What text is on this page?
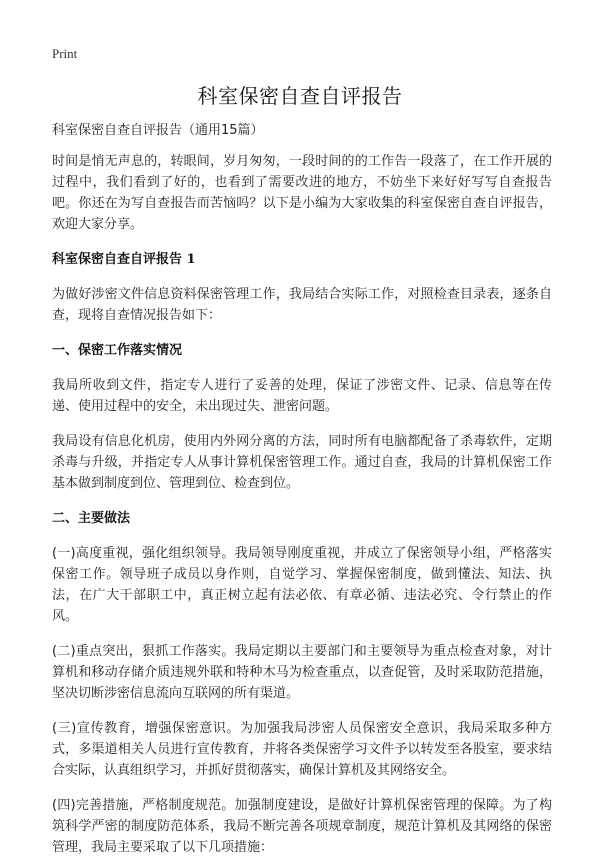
Print
科室保密自查自评报告

科室保密自查自评报告（通用15篇）

时间是悄无声息的，转眼间，岁月匆匆，一段时间的的工作告一段落了，在工作开展的过程中，我们看到了好的，也看到了需要改进的地方，不妨坐下来好好写写自查报告吧。你还在为写自查报告而苦恼吗？以下是小编为大家收集的科室保密自查自评报告，欢迎大家分享。

科室保密自查自评报告 1

为做好涉密文件信息资料保密管理工作，我局结合实际工作，对照检查目录表，逐条自查，现将自查情况报告如下：

一、保密工作落实情况

我局所收到文件，指定专人进行了妥善的处理，保证了涉密文件、记录、信息等在传递、使用过程中的安全，未出现过失、泄密问题。

我局设有信息化机房，使用内外网分离的方法，同时所有电脑都配备了杀毒软件，定期杀毒与升级，并指定专人从事计算机保密管理工作。通过自查，我局的计算机保密工作基本做到制度到位、管理到位、检查到位。

二、主要做法

(一)高度重视，强化组织领导。我局领导刚度重视，并成立了保密领导小组，严格落实保密工作。领导班子成员以身作则，自觉学习、掌握保密制度，做到懂法、知法、执法，在广大干部职工中，真正树立起有法必依、有章必循、违法必究、令行禁止的作风。

(二)重点突出，狠抓工作落实。我局定期以主要部门和主要领导为重点检查对象，对计算机和移动存储介质违规外联和特种木马为检查重点，以查促管，及时采取防范措施，坚决切断涉密信息流向互联网的所有渠道。

(三)宣传教育，增强保密意识。为加强我局涉密人员保密安全意识，我局采取多种方式，多渠道相关人员进行宣传教育，并将各类保密学习文件予以转发至各股室，要求结合实际，认真组织学习，并抓好贯彻落实，确保计算机及其网络安全。

(四)完善措施，严格制度规范。加强制度建设，是做好计算机保密管理的保障。为了构筑科学严密的制度防范体系，我局不断完善各项规章制度，规范计算机及其网络的保密管理，我局主要采取了以下几项措施：
